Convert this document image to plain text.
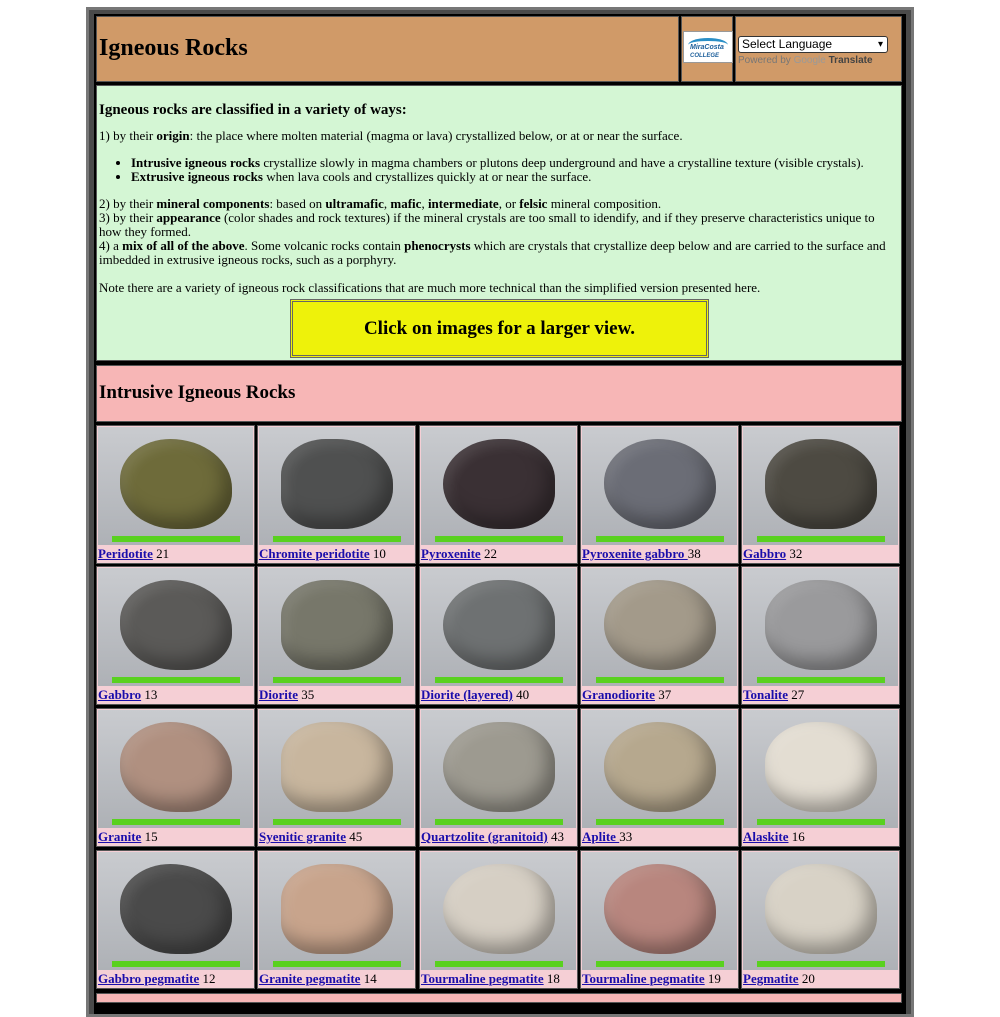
Igneous Rocks	MiraCosta
COLLEGE
Select Language	▾
Powered by Google Translate
Igneous rocks are classified in a variety of ways:

1) by their origin: the place where molten material (magma or lava) crystallized below, or at or near the surface.

• Intrusive igneous rocks crystallize slowly in magma chambers or plutons deep underground and have a crystalline texture (visible crystals).
• Extrusive igneous rocks when lava cools and crystallizes quickly at or near the surface.

2) by their mineral components: based on ultramafic, mafic, intermediate, or felsic mineral composition.

3) by their appearance (color shades and rock textures) if the mineral crystals are too small to idendify, and if they preserve characteristics unique to how they formed.

4) a mix of all of the above. Some volcanic rocks contain phenocrysts which are crystals that crystallize deep below and are carried to the surface and imbedded in extrusive igneous rocks, such as a porphyry.

Note there are a variety of igneous rock classifications that are much more technical than the simplified version presented here.

Click on images for a larger view.
Intrusive Igneous Rocks
Peridotite 21	Chromite peridotite 10	Pyroxenite 22	Pyroxenite gabbro 38	Gabbro 32
Gabbro 13	Diorite 35	Diorite (layered) 40	Granodiorite 37	Tonalite 27
Granite 15	Syenitic granite 45	Quartzolite (granitoid) 43 Aplite 33	Alaskite 16
Gabbro pegmatite 12	Granite pegmatite 14	Tourmaline pegmatite 18 Tourmaline pegmatite 19 Pegmatite 20
